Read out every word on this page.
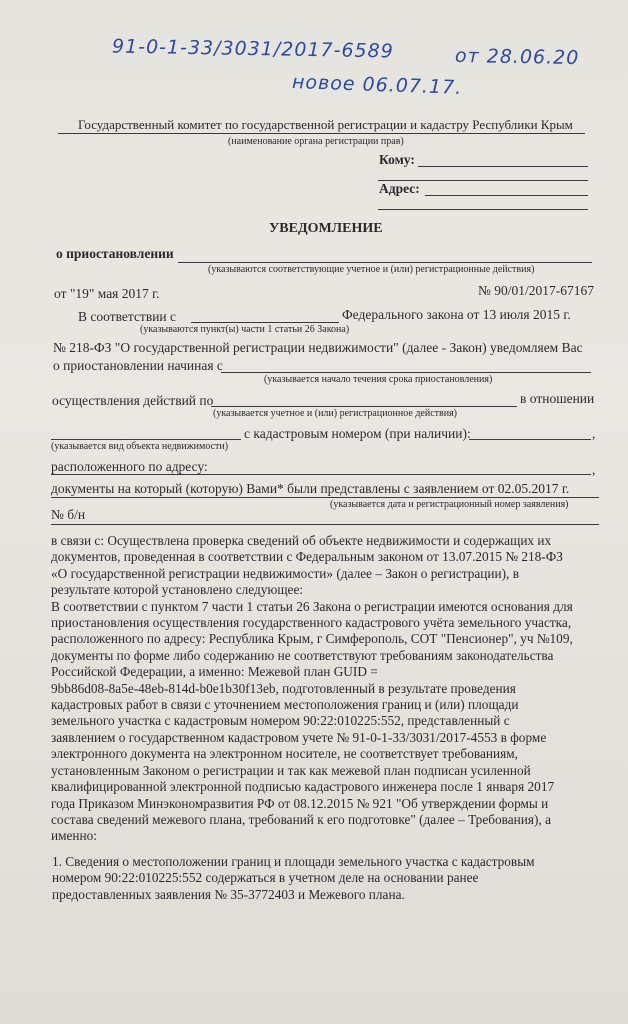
91-0-1-33/3031/2017-6589	от 28.06.20
новое 06.07.17.
Государственный комитет по государственной регистрации и кадастру Республики Крым
(наименование органа регистрации прав)
Кому:
Адрес:
УВЕДОМЛЕНИЕ
о приостановлении
(указываются соответствующие учетное и (или) регистрационные действия)
от "19" мая 2017 г.	№ 90/01/2017-67167
В соответствии с	Федерального закона от 13 июля 2015 г.
(указываются пункт(ы) части 1 статьи 26 Закона)
№ 218-ФЗ "О государственной регистрации недвижимости" (далее - Закон) уведомляем Вас
о приостановлении начиная с
(указывается начало течения срока приостановления)
осуществления действий по	в отношении
(указывается учетное и (или) регистрационное действия)
с кадастровым номером (при наличии):	,
(указывается вид объекта недвижимости)
расположенного по адресу:	,
документы на который (которую) Вами* были представлены с заявлением от 02.05.2017 г.
(указывается дата и регистрационный номер заявления)
№ б/н

в связи с: Осуществлена проверка сведений об объекте недвижимости и содержащих их

документов, проведенная в соответствии с Федеральным законом от 13.07.2015 № 218-ФЗ

«О государственной регистрации недвижимости» (далее – Закон о регистрации), в

результате которой установлено следующее:

В соответствии с пунктом 7 части 1 статьи 26 Закона о регистрации имеются основания для

приостановления осуществления государственного кадастрового учёта земельного участка,

расположенного по адресу: Республика Крым, г Симферополь, СОТ "Пенсионер", уч №109,

документы по форме либо содержанию не соответствуют требованиям законодательства

Российской Федерации, а именно: Межевой план GUID =

9bb86d08-8a5e-48eb-814d-b0e1b30f13eb, подготовленный в результате проведения

кадастровых работ в связи с уточнением местоположения границ и (или) площади

земельного участка с кадастровым номером 90:22:010225:552, представленный с

заявлением о государственном кадастровом учете № 91-0-1-33/3031/2017-4553 в форме

электронного документа на электронном носителе, не соответствует требованиям,

установленным Законом о регистрации и так как межевой план подписан усиленной

квалифицированной электронной подписью кадастрового инженера после 1 января 2017

года Приказом Минэкономразвития РФ от 08.12.2015 № 921 "Об утверждении формы и

состава сведений межевого плана, требований к его подготовке" (далее – Требования), а

именно:

1. Сведения о местоположении границ и площади земельного участка с кадастровым

номером 90:22:010225:552 содержаться в учетном деле на основании ранее

предоставленных заявления № 35-3772403 и Межевого плана.
